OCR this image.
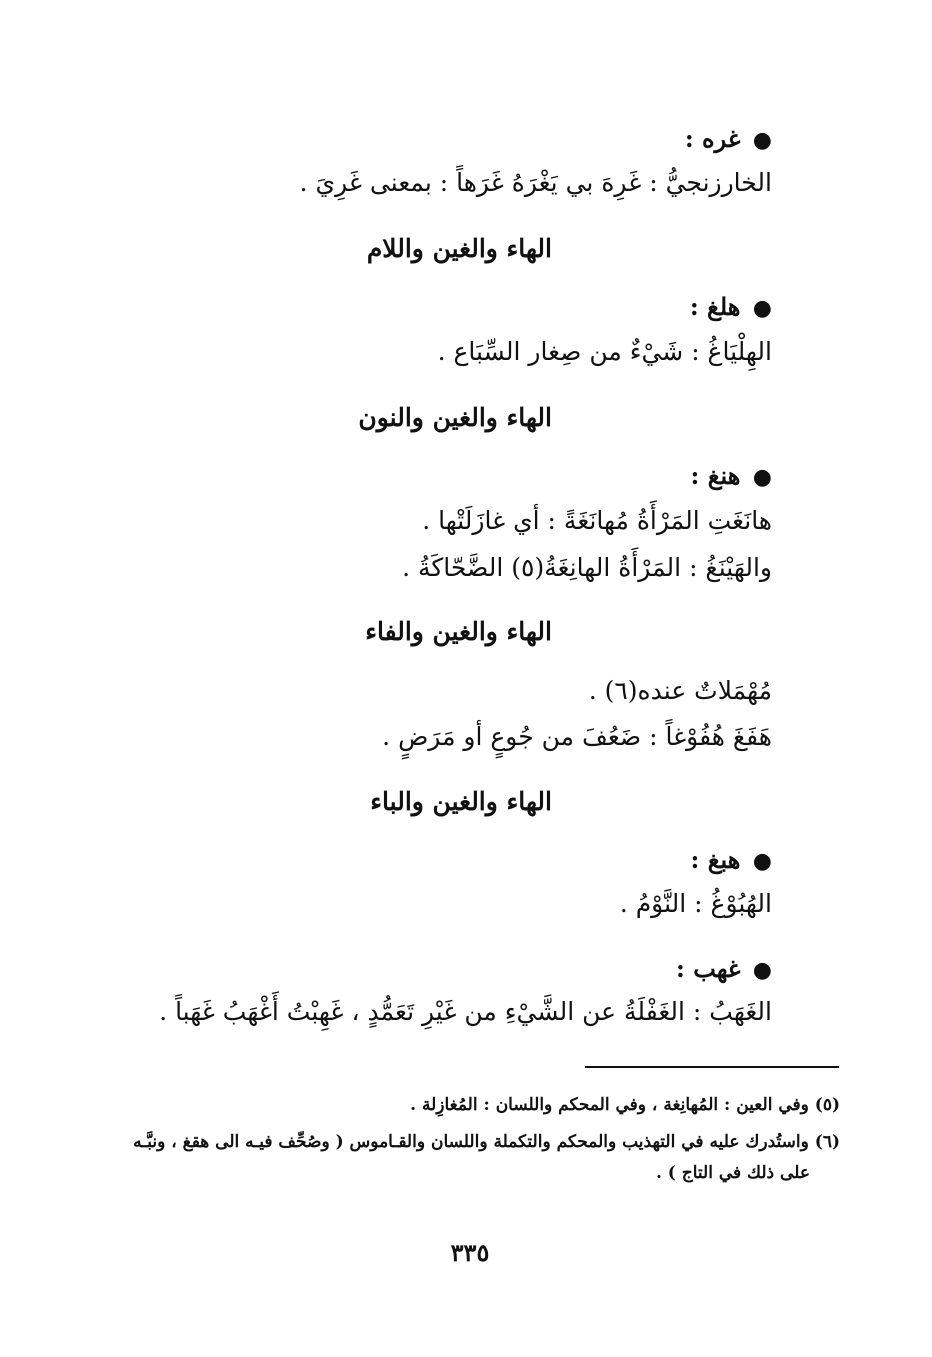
● غره :
الخارزنجيُّ : غَرِهَ بي يَغْرَهُ غَرَهاً : بمعنى غَرِيَ .
الهاء والغين واللام
● هلغ :
الهِلْيَاغُ : شَيْءٌ من صِغار السِّبَاع .
الهاء والغين والنون
● هنغ :
هانَغَتِ المَرْأَةُ مُهانَغَةً : أي غازَلَتْها .
والهَيْنَغُ : المَرْأَةُ الهانِغَةُ(٥) الضَّحّاكَةُ .
الهاء والغين والفاء
مُهْمَلاتٌ عنده(٦) .
هَفَغَ هُفُوْغاً : ضَعُفَ من جُوعٍ أو مَرَضٍ .
الهاء والغين والباء
● هبغ :
الهُبُوْغُ : النَّوْمُ .
● غهب :
الغَهَبُ : الغَفْلَةُ عن الشَّيْءِ من غَيْرِ تَعَمُّدٍ ، غَهِبْتُ أَغْهَبُ غَهَباً .
(٥) وفي العين : المُهانِغة ، وفي المحكم واللسان : المُغازِلة .
(٦) واستُدرك عليه في التهذيب والمحكم والتكملة واللسان والقـاموس ( وصُحِّف فيـه الى هقغ ، ونبَّـه
على ذلك في التاج ) .
٣٣٥
